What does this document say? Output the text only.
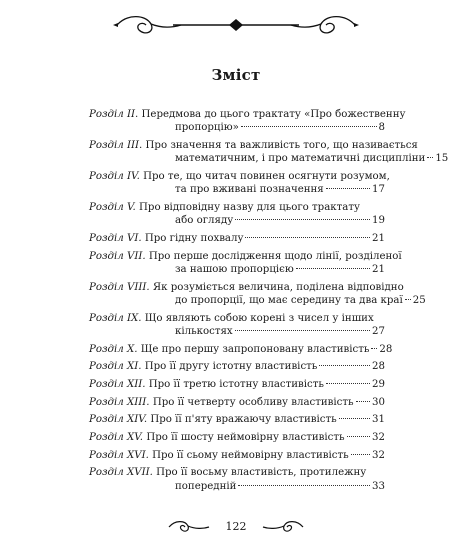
Зміст
Розділ ІІ. Передмова до цього трактату «Про божественну
пропорцію»	8
Розділ ІІІ. Про значення та важливість того, що називається
математичним, і про математичні дисципліни 15
Розділ IV. Про те, що читач повинен осягнути розумом,
та про вживані позначення	17
Розділ V. Про відповідну назву для цього трактату
або огляду	19
Розділ VI. Про гідну похвалу	21
Розділ VII. Про перше дослідження щодо лінії, розділеної
за нашою пропорцією	21
Розділ VIII. Як розуміється величина, поділена відповідно
до пропорції, що має середину та два краї 25
Розділ IX. Що являють собою корені з чисел у інших
кількостях	27
Розділ Х. Ще про першу запропоновану властивість 28
Розділ ХІ. Про її другу істотну властивість	28
Розділ ХІІ. Про її третю істотну властивість	29
Розділ ХІІІ. Про її четверту особливу властивість 30
Розділ XIV. Про її п'яту вражаючу властивість	31
Розділ XV. Про її шосту неймовірну властивість	32
Розділ XVI. Про її сьому неймовірну властивість 32
Розділ XVII. Про її восьму властивість, протилежну
попередній	33
122
